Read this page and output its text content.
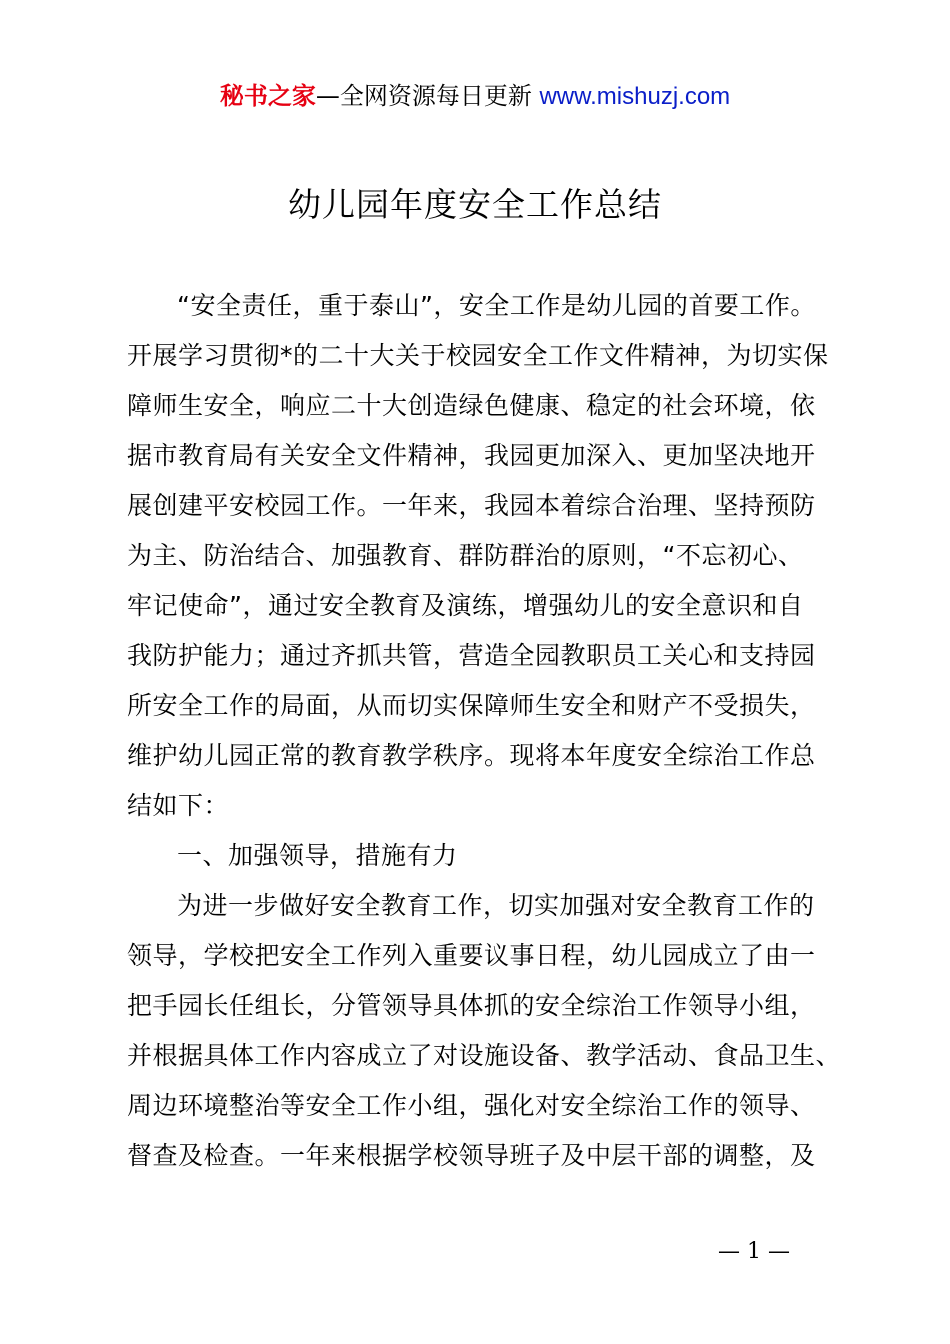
秘书之家—全网资源每日更新 www.mishuzj.com
幼儿园年度安全工作总结
“安全责任，重于泰山”，安全工作是幼儿园的首要工作。
开展学习贯彻*的二十大关于校园安全工作文件精神，为切实保
障师生安全，响应二十大创造绿色健康、稳定的社会环境，依
据市教育局有关安全文件精神，我园更加深入、更加坚决地开
展创建平安校园工作。一年来，我园本着综合治理、坚持预防
为主、防治结合、加强教育、群防群治的原则，“不忘初心、
牢记使命”，通过安全教育及演练，增强幼儿的安全意识和自
我防护能力；通过齐抓共管，营造全园教职员工关心和支持园
所安全工作的局面，从而切实保障师生安全和财产不受损失，
维护幼儿园正常的教育教学秩序。现将本年度安全综治工作总
结如下：
一、加强领导，措施有力
为进一步做好安全教育工作，切实加强对安全教育工作的
领导，学校把安全工作列入重要议事日程，幼儿园成立了由一
把手园长任组长，分管领导具体抓的安全综治工作领导小组，
并根据具体工作内容成立了对设施设备、教学活动、食品卫生、
周边环境整治等安全工作小组，强化对安全综治工作的领导、
督查及检查。一年来根据学校领导班子及中层干部的调整，及
— 1 —
